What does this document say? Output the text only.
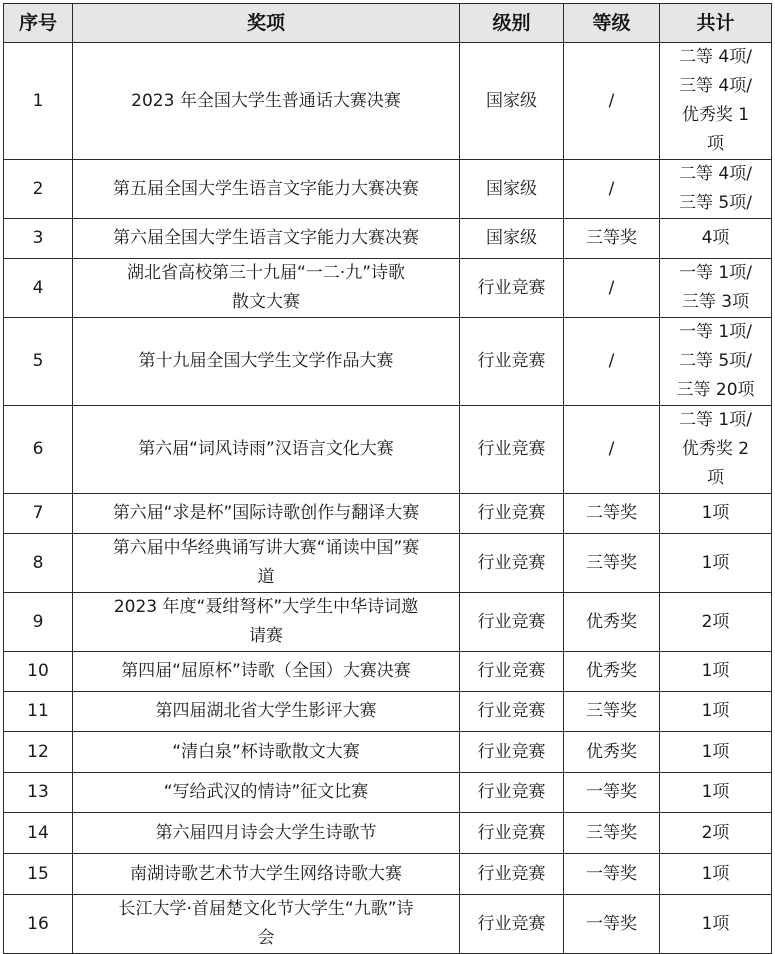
序号	奖项	级别	等级	共计
1	2023 年全国大学生普通话大赛决赛	国家级	/	二等 4项/
三等 4项/
优秀奖 1
项

2	第五届全国大学生语言文字能力大赛决赛	国家级	/	二等 4项/
三等 5项/

3	第六届全国大学生语言文字能力大赛决赛	国家级	三等奖	4项

4	湖北省高校第三十九届“一二·九”诗歌
散文大赛	行业竞赛	/	一等 1项/
三等 3项

5	第十九届全国大学生文学作品大赛	行业竞赛	/	一等 1项/
二等 5项/
三等 20项

6	第六届“词风诗雨”汉语言文化大赛	行业竞赛	/	二等 1项/
优秀奖 2
项

7	第六届“求是杯”国际诗歌创作与翻译大赛	行业竞赛	二等奖	1项

8	第六届中华经典诵写讲大赛“诵读中国”赛
道	行业竞赛	三等奖	1项

9	2023 年度“聂绀弩杯”大学生中华诗词邀
请赛	行业竞赛	优秀奖	2项

10	第四届“屈原杯”诗歌（全国）大赛决赛	行业竞赛	优秀奖	1项

11	第四届湖北省大学生影评大赛	行业竞赛	三等奖	1项

12	“清白泉”杯诗歌散文大赛	行业竞赛	优秀奖	1项

13	“写给武汉的情诗”征文比赛	行业竞赛	一等奖	1项

14	第六届四月诗会大学生诗歌节	行业竞赛	三等奖	2项

15	南湖诗歌艺术节大学生网络诗歌大赛	行业竞赛	一等奖	1项

16	长江大学·首届楚文化节大学生“九歌”诗
会	行业竞赛	一等奖	1项
